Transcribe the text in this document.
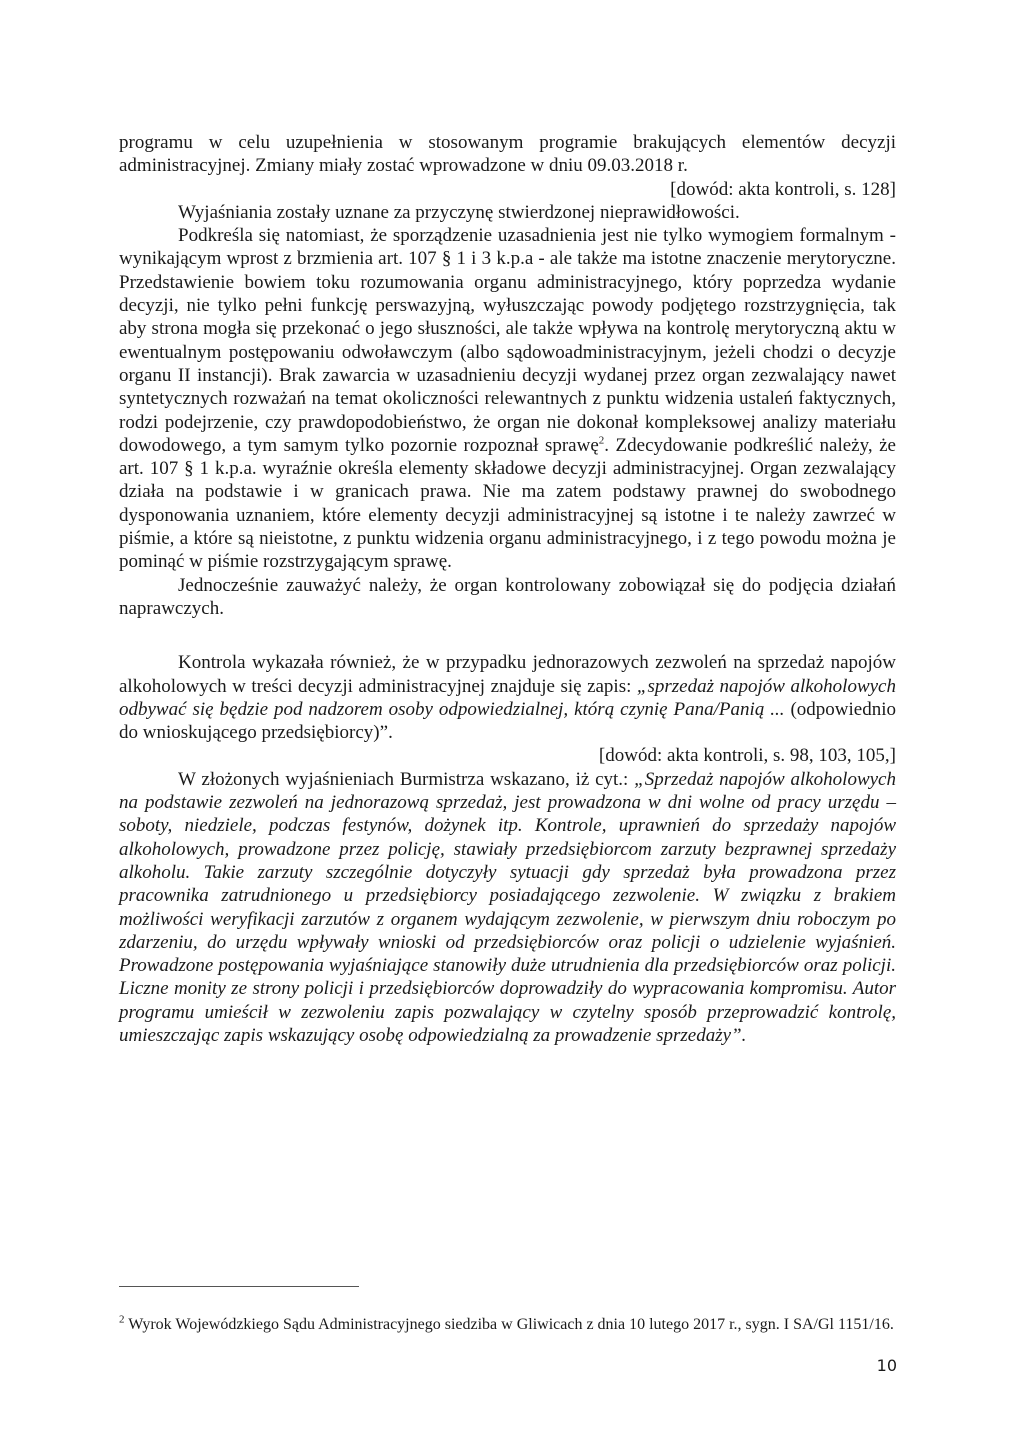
programu w celu uzupełnienia w stosowanym programie brakujących elementów decyzji administracyjnej. Zmiany miały zostać wprowadzone w dniu 09.03.2018 r.

[dowód: akta kontroli, s. 128]

Wyjaśniania zostały uznane za przyczynę stwierdzonej nieprawidłowości.

Podkreśla się natomiast, że sporządzenie uzasadnienia jest nie tylko wymogiem formalnym - wynikającym wprost z brzmienia art. 107 § 1 i 3 k.p.a - ale także ma istotne znaczenie merytoryczne. Przedstawienie bowiem toku rozumowania organu administracyjnego, który poprzedza wydanie decyzji, nie tylko pełni funkcję perswazyjną, wyłuszczając powody podjętego rozstrzygnięcia, tak aby strona mogła się przekonać o jego słuszności, ale także wpływa na kontrolę merytoryczną aktu w ewentualnym postępowaniu odwoławczym (albo sądowoadministracyjnym, jeżeli chodzi o decyzje organu II instancji). Brak zawarcia w uzasadnieniu decyzji wydanej przez organ zezwalający nawet syntetycznych rozważań na temat okoliczności relewantnych z punktu widzenia ustaleń faktycznych, rodzi podejrzenie, czy prawdopodobieństwo, że organ nie dokonał kompleksowej analizy materiału dowodowego, a tym samym tylko pozornie rozpoznał sprawę$^2$. Zdecydowanie podkreślić należy, że art. 107 § 1 k.p.a. wyraźnie określa elementy składowe decyzji administracyjnej. Organ zezwalający działa na podstawie i w granicach prawa. Nie ma zatem podstawy prawnej do swobodnego dysponowania uznaniem, które elementy decyzji administracyjnej są istotne i te należy zawrzeć w piśmie, a które są nieistotne, z punktu widzenia organu administracyjnego, i z tego powodu można je pominąć w piśmie rozstrzygającym sprawę.

Jednocześnie zauważyć należy, że organ kontrolowany zobowiązał się do podjęcia działań naprawczych.

Kontrola wykazała również, że w przypadku jednorazowych zezwoleń na sprzedaż napojów alkoholowych w treści decyzji administracyjnej znajduje się zapis: „sprzedaż napojów alkoholowych odbywać się będzie pod nadzorem osoby odpowiedzialnej, którą czynię Pana/Panią ... (odpowiednio do wnioskującego przedsiębiorcy)”.

[dowód: akta kontroli, s. 98, 103, 105,]

W złożonych wyjaśnieniach Burmistrza wskazano, iż cyt.: „Sprzedaż napojów alkoholowych na podstawie zezwoleń na jednorazową sprzedaż, jest prowadzona w dni wolne od pracy urzędu – soboty, niedziele, podczas festynów, dożynek itp. Kontrole, uprawnień do sprzedaży napojów alkoholowych, prowadzone przez policję, stawiały przedsiębiorcom zarzuty bezprawnej sprzedaży alkoholu. Takie zarzuty szczególnie dotyczyły sytuacji gdy sprzedaż była prowadzona przez pracownika zatrudnionego u przedsiębiorcy posiadającego zezwolenie. W związku z brakiem możliwości weryfikacji zarzutów z organem wydającym zezwolenie, w pierwszym dniu roboczym po zdarzeniu, do urzędu wpływały wnioski od przedsiębiorców oraz policji o udzielenie wyjaśnień. Prowadzone postępowania wyjaśniające stanowiły duże utrudnienia dla przedsiębiorców oraz policji. Liczne monity ze strony policji i przedsiębiorców doprowadziły do wypracowania kompromisu. Autor programu umieścił w zezwoleniu zapis pozwalający w czytelny sposób przeprowadzić kontrolę, umieszczając zapis wskazujący osobę odpowiedzialną za prowadzenie sprzedaży”.

$^2$ Wyrok Wojewódzkiego Sądu Administracyjnego siedziba w Gliwicach z dnia 10 lutego 2017 r., sygn. I SA/Gl 1151/16.

10
